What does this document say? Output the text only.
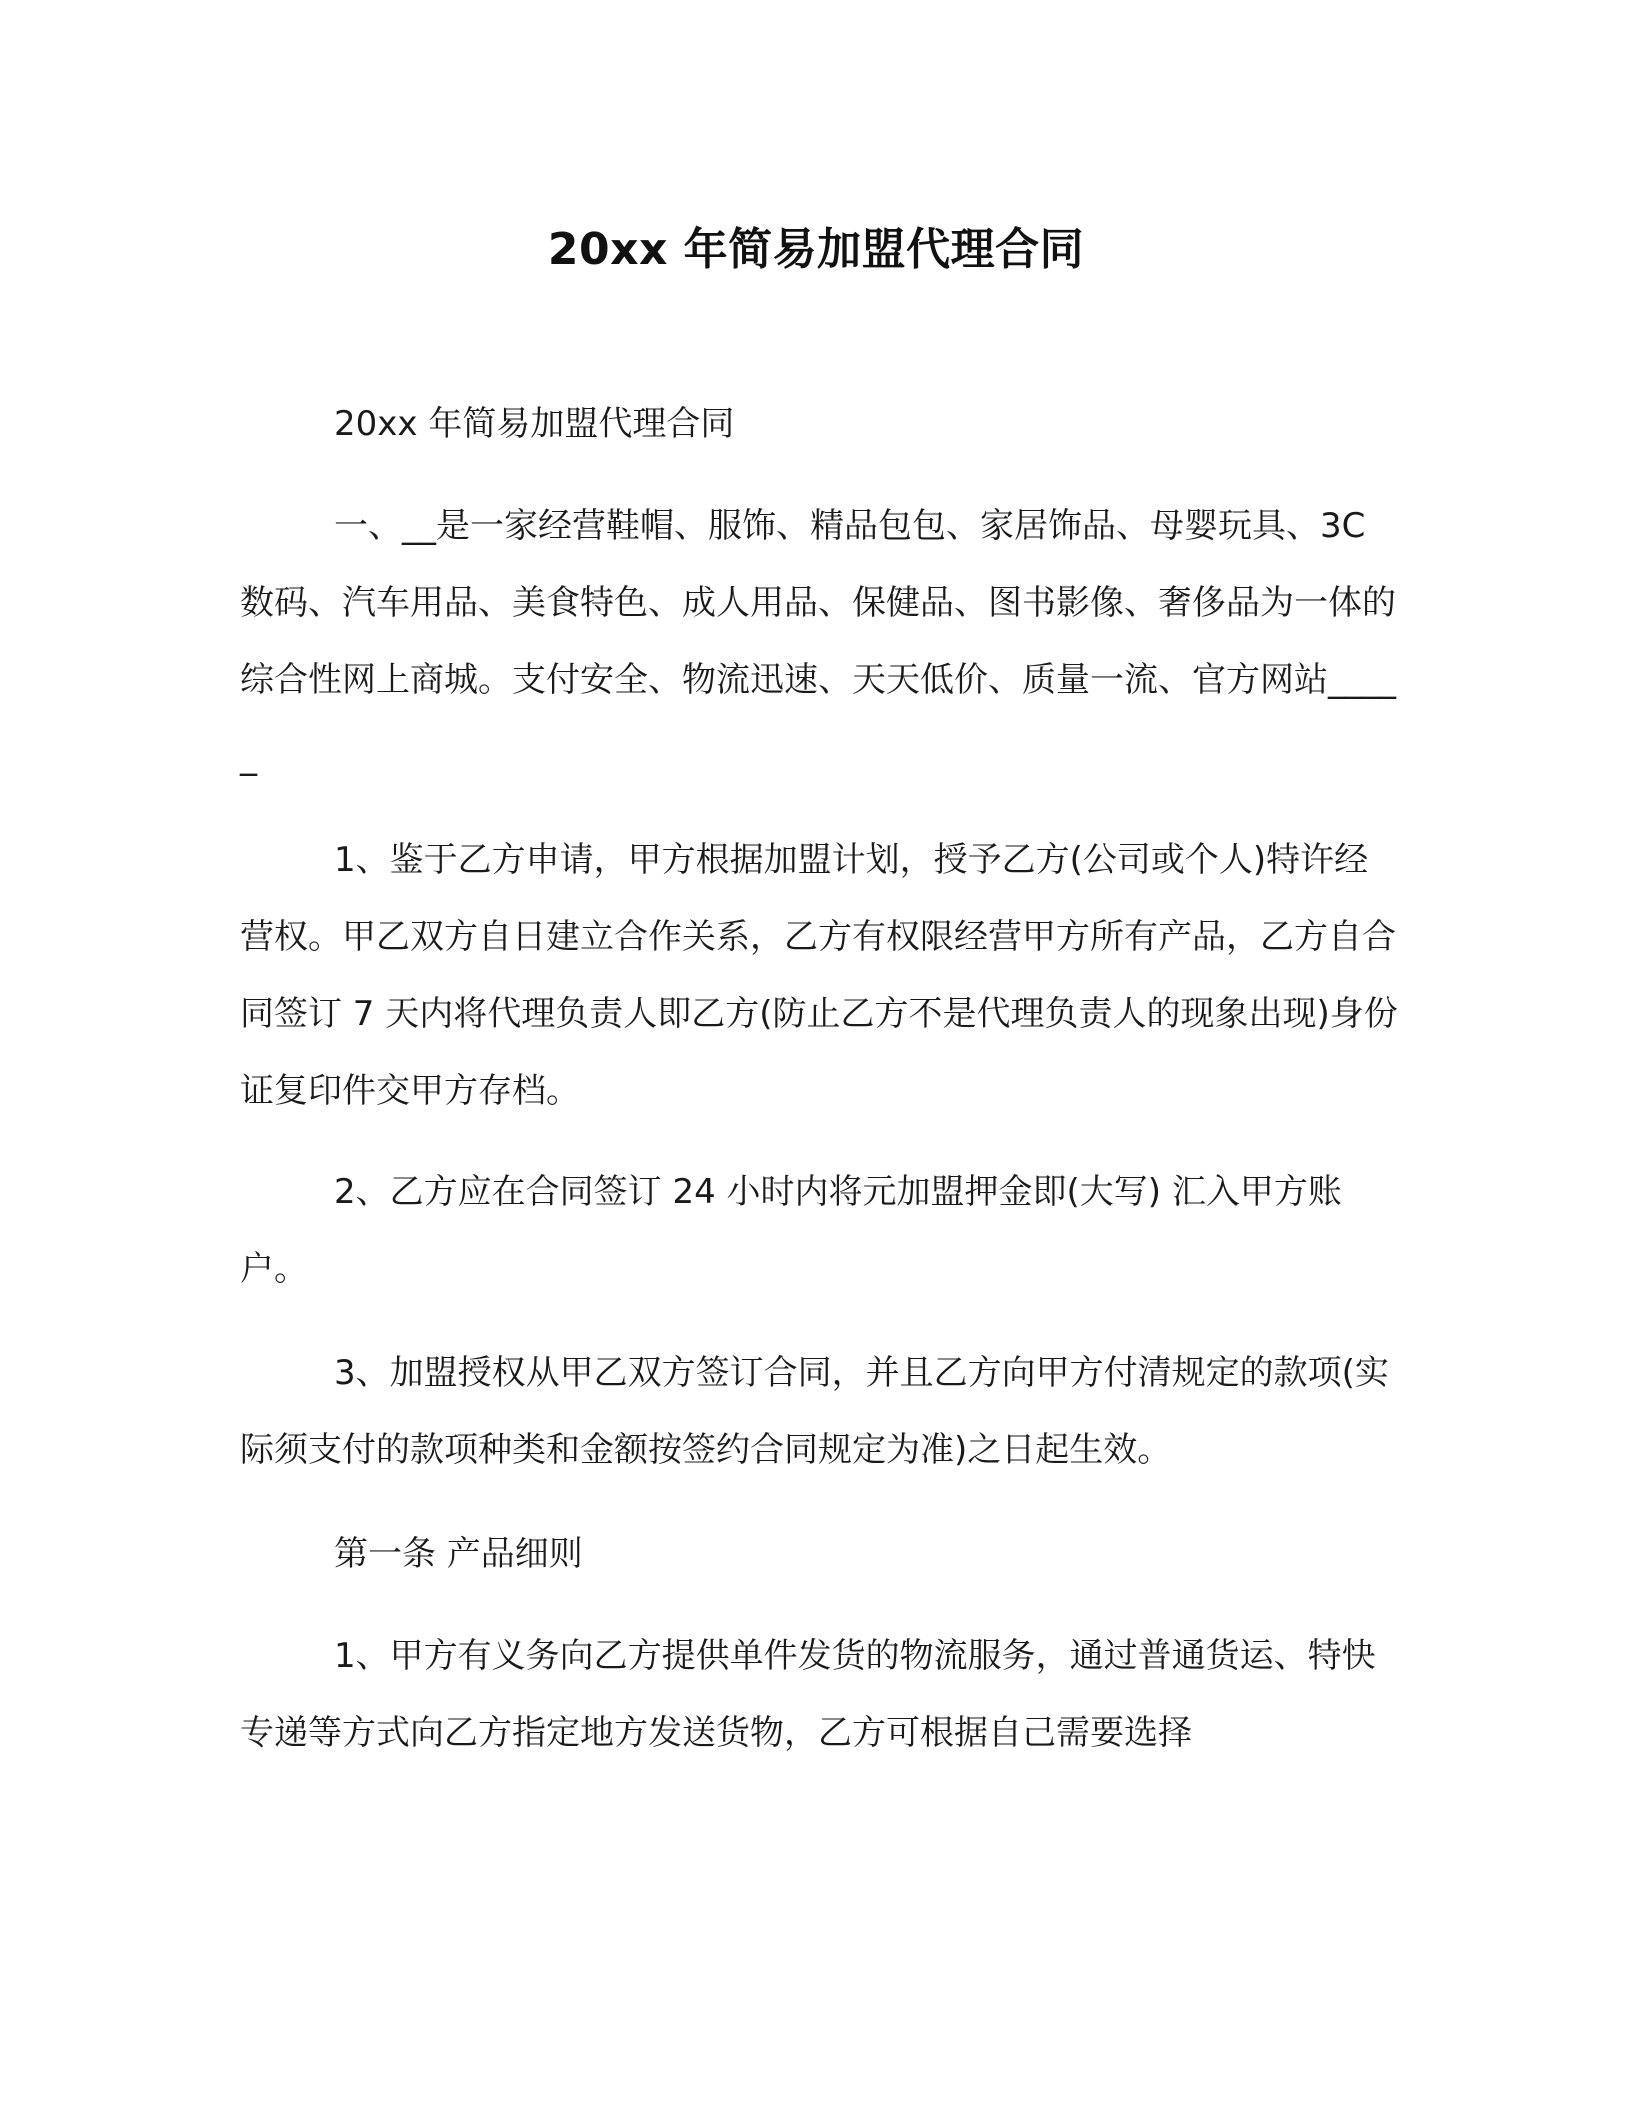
20xx 年简易加盟代理合同

20xx 年简易加盟代理合同

一、__是一家经营鞋帽、服饰、精品包包、家居饰品、母婴玩具、3C 数码、汽车用品、美食特色、成人用品、保健品、图书影像、奢侈品为一体的综合性网上商城。支付安全、物流迅速、天天低价、质量一流、官方网站_____

1、鉴于乙方申请，甲方根据加盟计划，授予乙方(公司或个人)特许经营权。甲乙双方自日建立合作关系，乙方有权限经营甲方所有产品，乙方自合同签订 7 天内将代理负责人即乙方(防止乙方不是代理负责人的现象出现)身份证复印件交甲方存档。

2、乙方应在合同签订 24 小时内将元加盟押金即(大写) 汇入甲方账户。

3、加盟授权从甲乙双方签订合同，并且乙方向甲方付清规定的款项(实际须支付的款项种类和金额按签约合同规定为准)之日起生效。

第一条 产品细则

1、甲方有义务向乙方提供单件发货的物流服务，通过普通货运、特快专递等方式向乙方指定地方发送货物，乙方可根据自己需要选择
